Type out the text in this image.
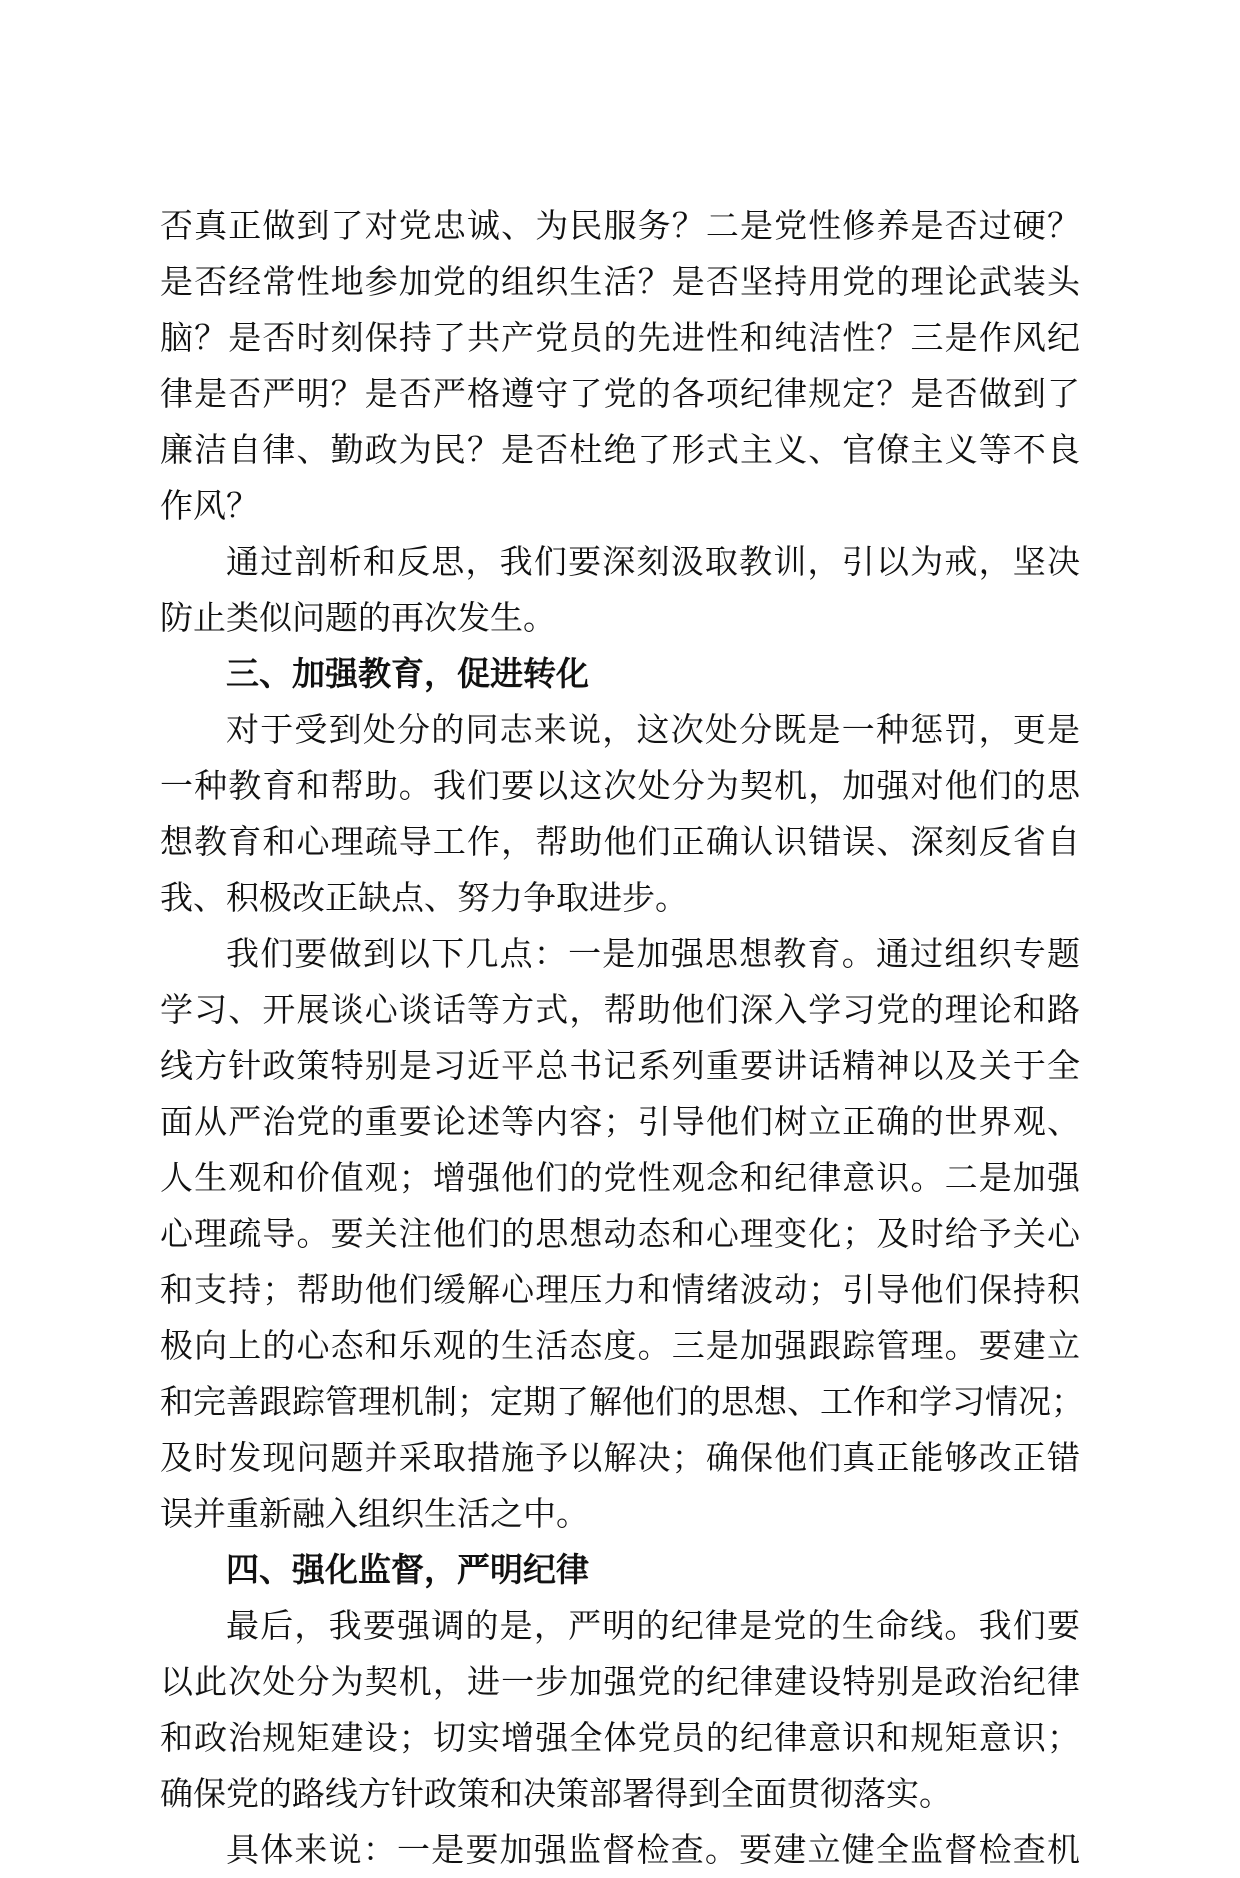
否真正做到了对党忠诚、为民服务？二是党性修养是否过硬？
是否经常性地参加党的组织生活？是否坚持用党的理论武装头
脑？是否时刻保持了共产党员的先进性和纯洁性？三是作风纪
律是否严明？是否严格遵守了党的各项纪律规定？是否做到了
廉洁自律、勤政为民？是否杜绝了形式主义、官僚主义等不良
作风？
通过剖析和反思，我们要深刻汲取教训，引以为戒，坚决
防止类似问题的再次发生。
三、加强教育，促进转化
对于受到处分的同志来说，这次处分既是一种惩罚，更是
一种教育和帮助。我们要以这次处分为契机，加强对他们的思
想教育和心理疏导工作，帮助他们正确认识错误、深刻反省自
我、积极改正缺点、努力争取进步。
我们要做到以下几点：一是加强思想教育。通过组织专题
学习、开展谈心谈话等方式，帮助他们深入学习党的理论和路
线方针政策特别是习近平总书记系列重要讲话精神以及关于全
面从严治党的重要论述等内容；引导他们树立正确的世界观、
人生观和价值观；增强他们的党性观念和纪律意识。二是加强
心理疏导。要关注他们的思想动态和心理变化；及时给予关心
和支持；帮助他们缓解心理压力和情绪波动；引导他们保持积
极向上的心态和乐观的生活态度。三是加强跟踪管理。要建立
和完善跟踪管理机制；定期了解他们的思想、工作和学习情况；
及时发现问题并采取措施予以解决；确保他们真正能够改正错
误并重新融入组织生活之中。
四、强化监督，严明纪律
最后，我要强调的是，严明的纪律是党的生命线。我们要
以此次处分为契机，进一步加强党的纪律建设特别是政治纪律
和政治规矩建设；切实增强全体党员的纪律意识和规矩意识；
确保党的路线方针政策和决策部署得到全面贯彻落实。
具体来说：一是要加强监督检查。要建立健全监督检查机
